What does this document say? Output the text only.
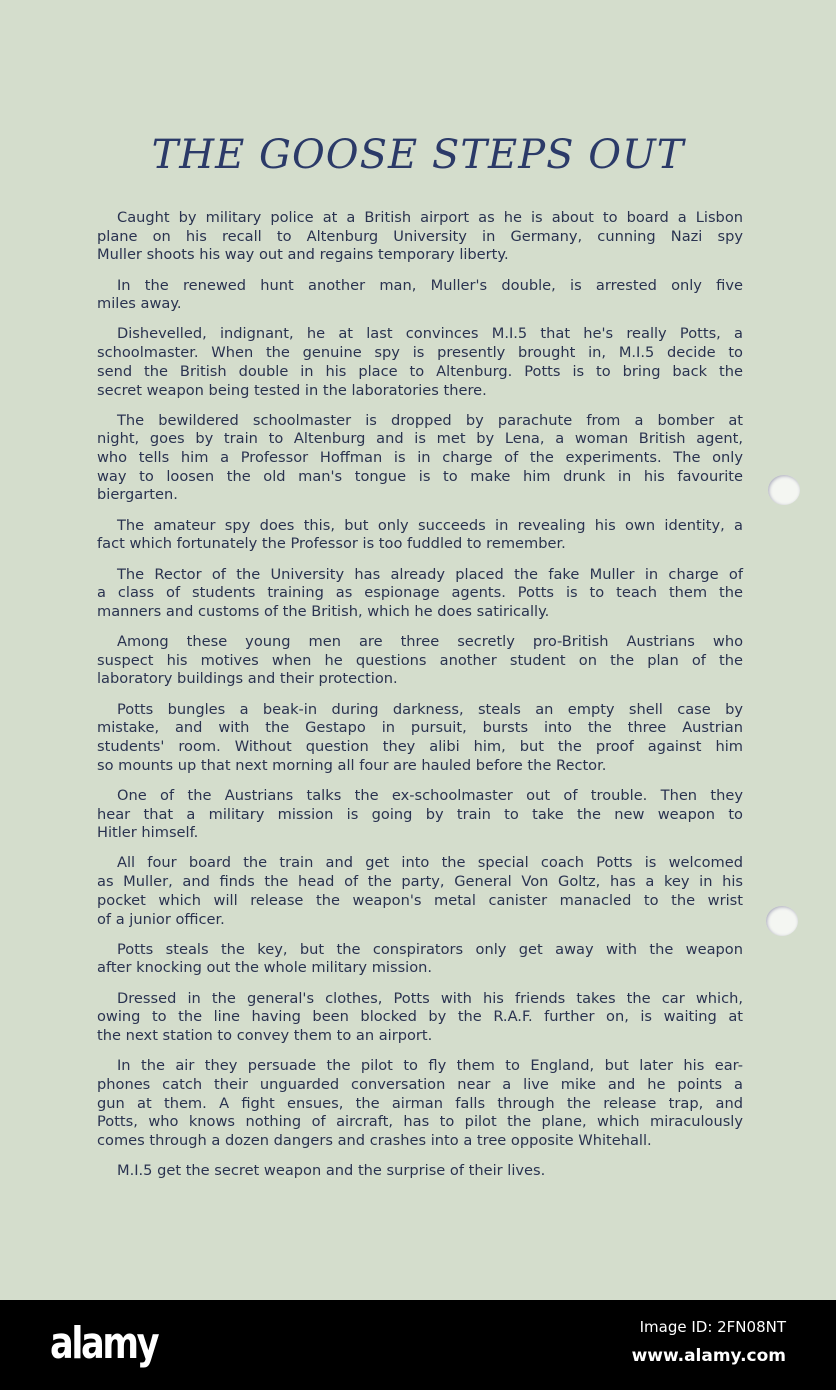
THE GOOSE STEPS OUT
Caught by military police at a British airport as he is about to board a Lisbon
plane on his recall to Altenburg University in Germany, cunning Nazi spy
Muller shoots his way out and regains temporary liberty.
In the renewed hunt another man, Muller's double, is arrested only five
miles away.
Dishevelled, indignant, he at last convinces M.I.5 that he's really Potts, a
schoolmaster. When the genuine spy is presently brought in, M.I.5 decide to
send the British double in his place to Altenburg. Potts is to bring back the
secret weapon being tested in the laboratories there.
The bewildered schoolmaster is dropped by parachute from a bomber at
night, goes by train to Altenburg and is met by Lena, a woman British agent,
who tells him a Professor Hoffman is in charge of the experiments. The only
way to loosen the old man's tongue is to make him drunk in his favourite
biergarten.
The amateur spy does this, but only succeeds in revealing his own identity, a
fact which fortunately the Professor is too fuddled to remember.
The Rector of the University has already placed the fake Muller in charge of
a class of students training as espionage agents. Potts is to teach them the
manners and customs of the British, which he does satirically.
Among these young men are three secretly pro-British Austrians who
suspect his motives when he questions another student on the plan of the
laboratory buildings and their protection.
Potts bungles a beak-in during darkness, steals an empty shell case by
mistake, and with the Gestapo in pursuit, bursts into the three Austrian
students' room. Without question they alibi him, but the proof against him
so mounts up that next morning all four are hauled before the Rector.
One of the Austrians talks the ex-schoolmaster out of trouble. Then they
hear that a military mission is going by train to take the new weapon to
Hitler himself.
All four board the train and get into the special coach Potts is welcomed
as Muller, and finds the head of the party, General Von Goltz, has a key in his
pocket which will release the weapon's metal canister manacled to the wrist
of a junior officer.
Potts steals the key, but the conspirators only get away with the weapon
after knocking out the whole military mission.
Dressed in the general's clothes, Potts with his friends takes the car which,
owing to the line having been blocked by the R.A.F. further on, is waiting at
the next station to convey them to an airport.
In the air they persuade the pilot to fly them to England, but later his ear-
phones catch their unguarded conversation near a live mike and he points a
gun at them. A fight ensues, the airman falls through the release trap, and
Potts, who knows nothing of aircraft, has to pilot the plane, which miraculously
comes through a dozen dangers and crashes into a tree opposite Whitehall.
M.I.5 get the secret weapon and the surprise of their lives.
alamy	Image ID: 2FN08NT
www.alamy.com
